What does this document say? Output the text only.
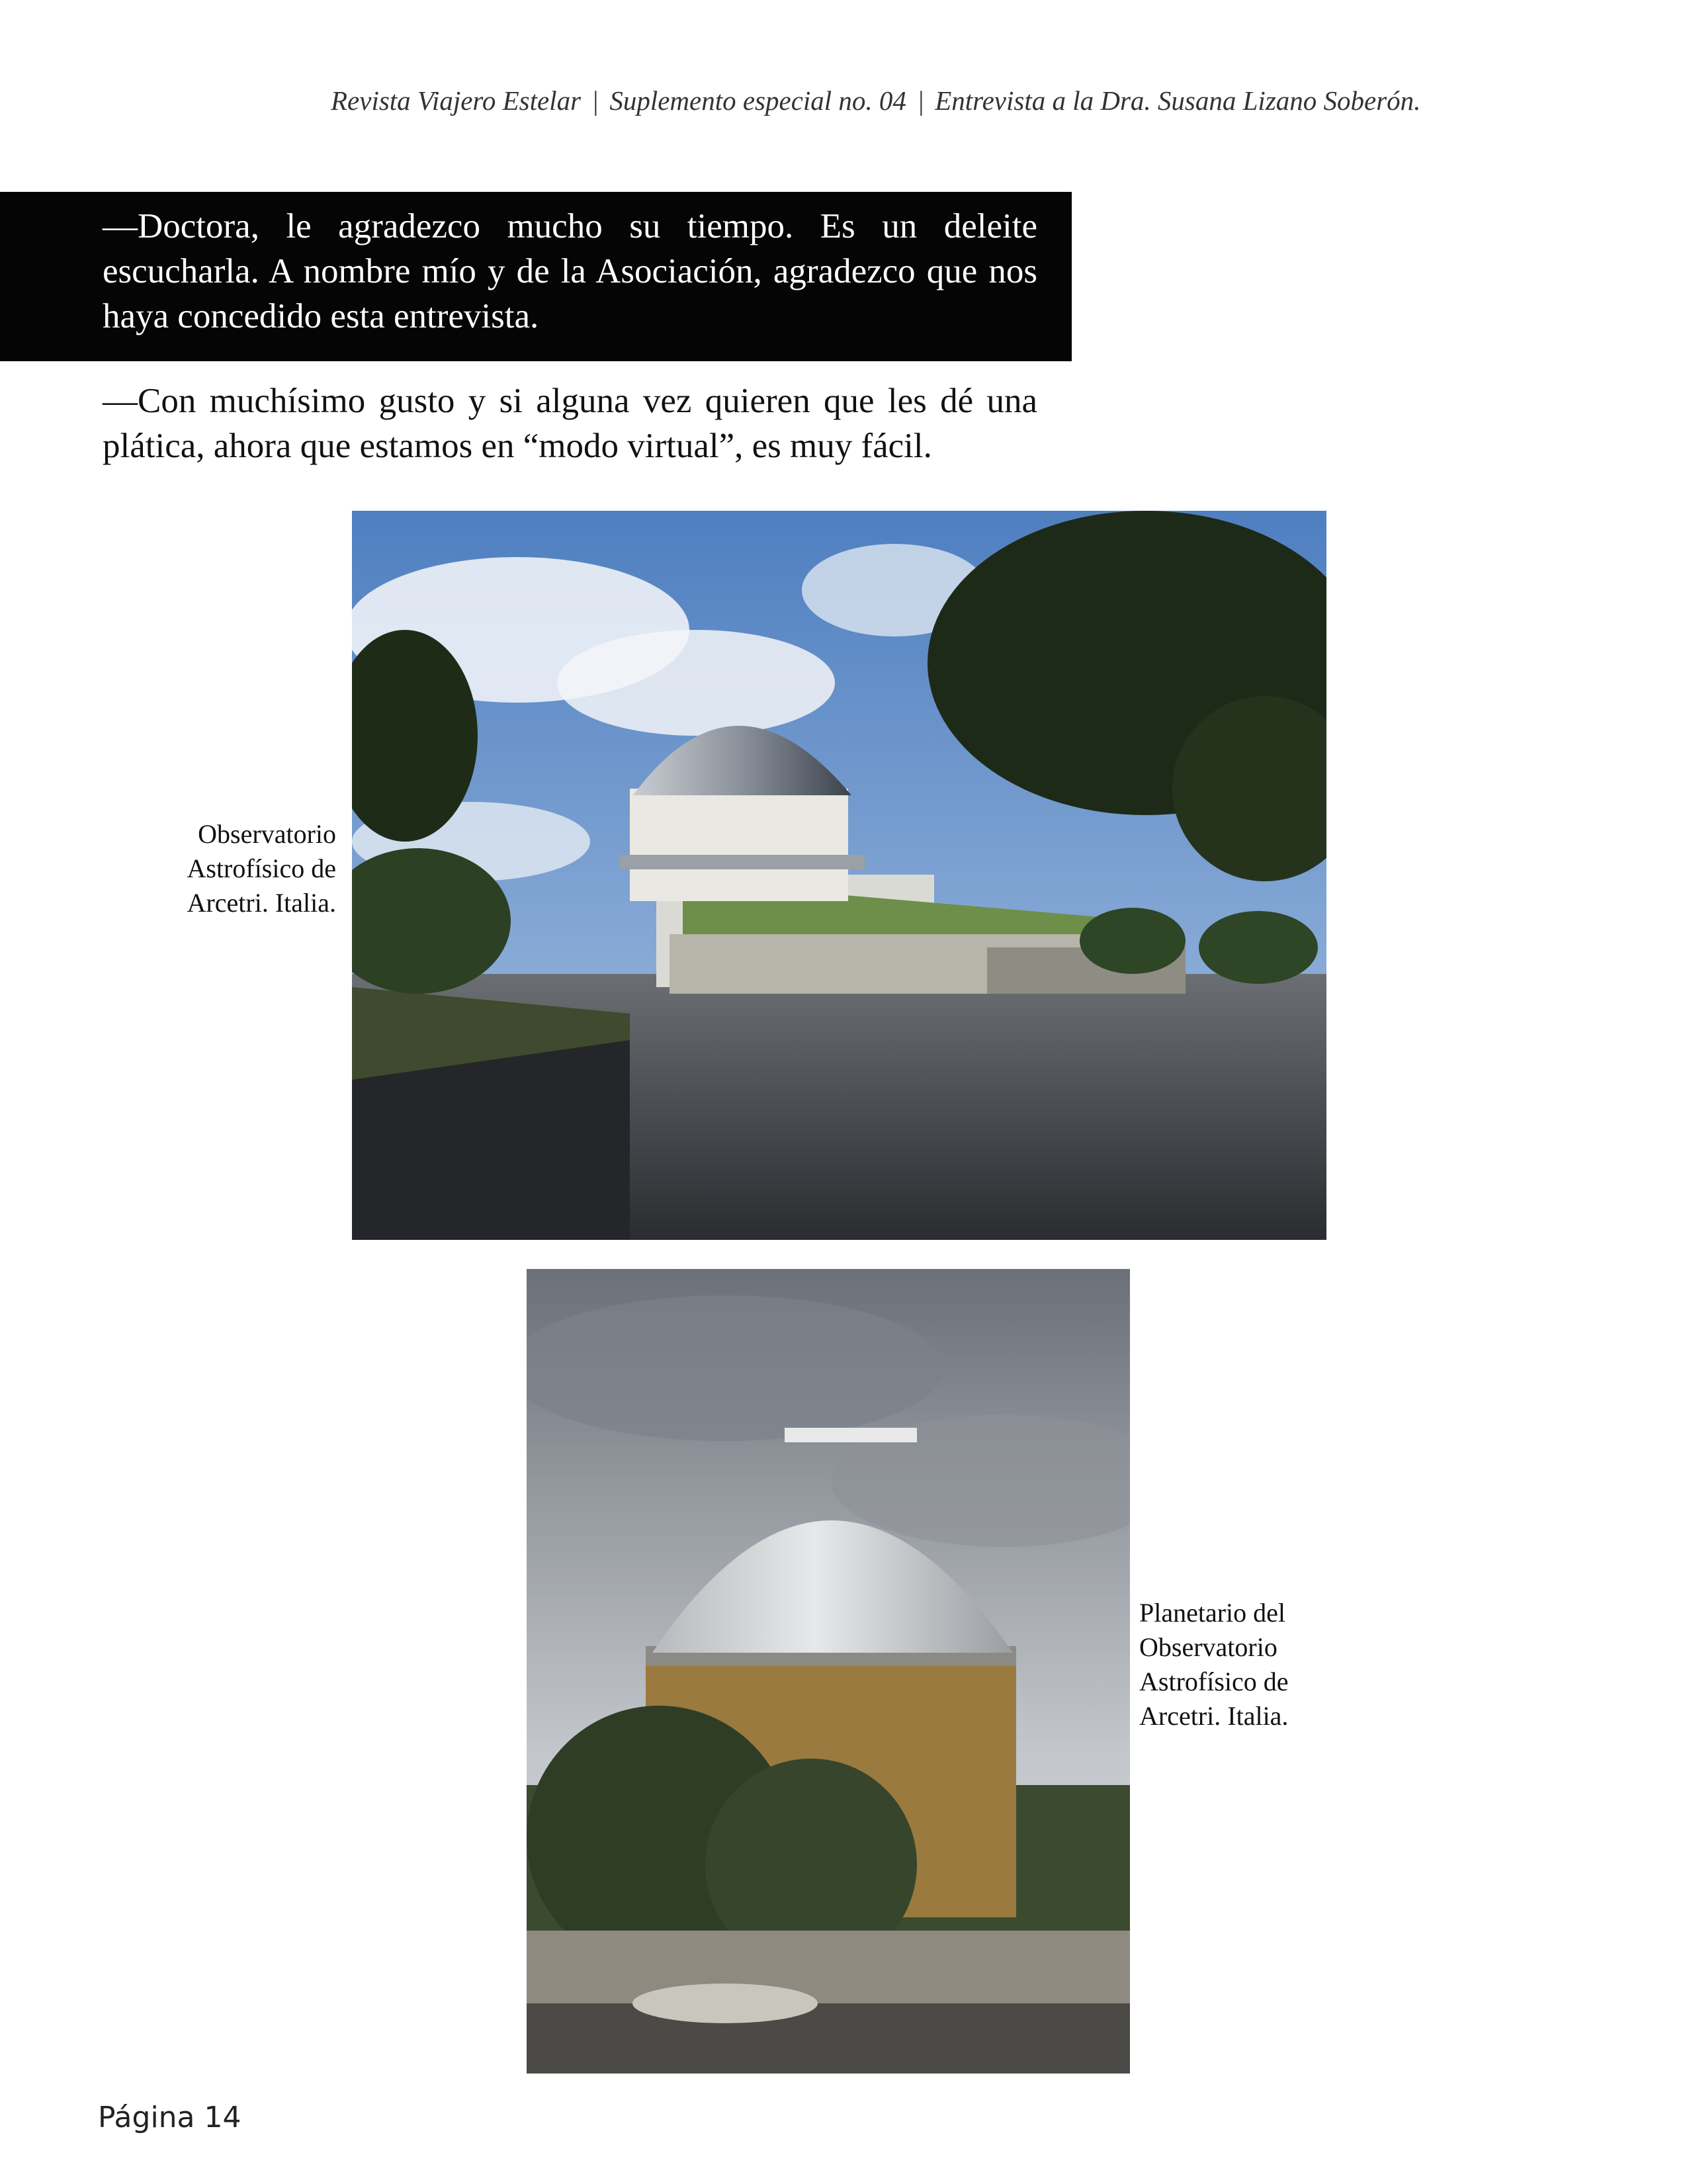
Revista Viajero Estelar | Suplemento especial no. 04 | Entrevista a la Dra. Susana Lizano Soberón.
—Doctora, le agradezco mucho su tiempo. Es un deleite escucharla. A nombre mío y de la Asociación, agradezco que nos haya concedido esta entrevista.
—Con muchísimo gusto y si alguna vez quieren que les dé una plática, ahora que estamos en “modo virtual”, es muy fácil.
Observatorio Astrofísico de Arcetri. Italia.
Planetario del Observatorio Astrofísico de Arcetri. Italia.
Página 14
